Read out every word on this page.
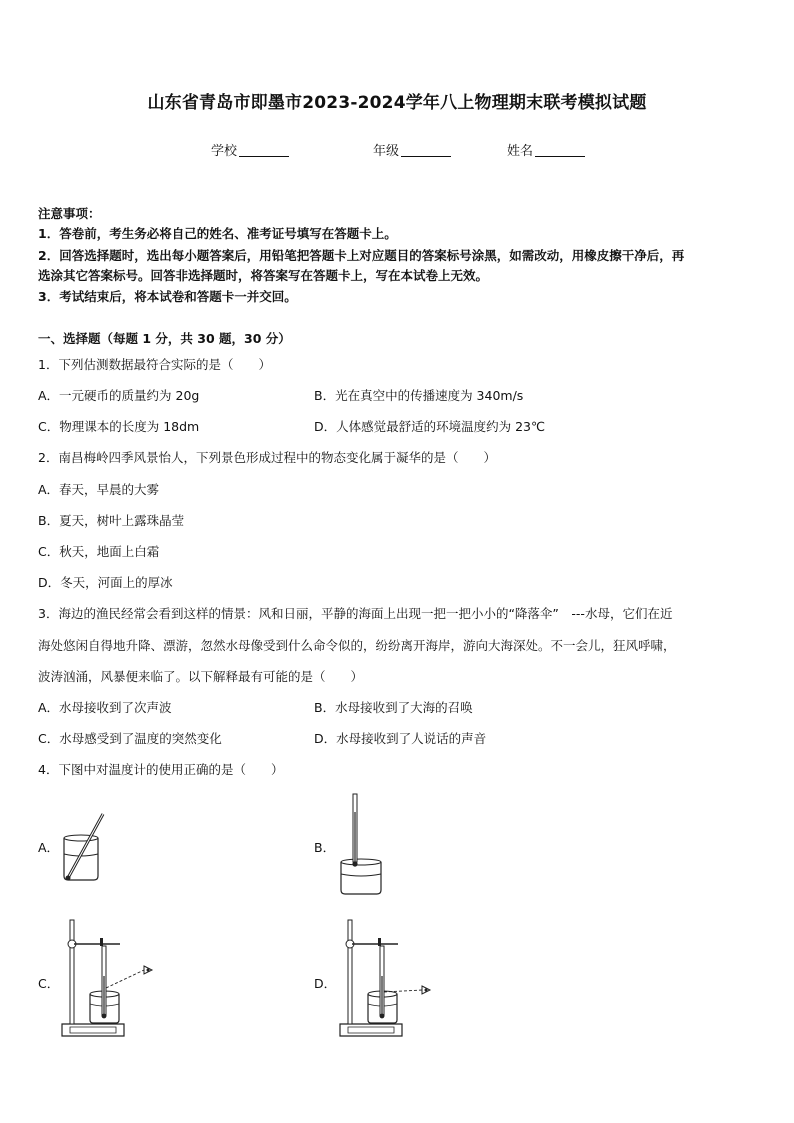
山东省青岛市即墨市2023-2024学年八上物理期末联考模拟试题
学校	年级	姓名
注意事项：
1．答卷前，考生务必将自己的姓名、准考证号填写在答题卡上。
2．回答选择题时，选出每小题答案后，用铅笔把答题卡上对应题目的答案标号涂黑，如需改动，用橡皮擦干净后，再
选涂其它答案标号。回答非选择题时，将答案写在答题卡上，写在本试卷上无效。
3．考试结束后，将本试卷和答题卡一并交回。
一、选择题（每题 1 分，共 30 题，30 分）
1．下列估测数据最符合实际的是（　　）
A．一元硬币的质量约为 20g	B．光在真空中的传播速度为 340m/s
C．物理课本的长度为 18dm	D．人体感觉最舒适的环境温度约为 23℃
2．南昌梅岭四季风景怡人，下列景色形成过程中的物态变化属于凝华的是（　　）
A．春天，早晨的大雾
B．夏天，树叶上露珠晶莹
C．秋天，地面上白霜
D．冬天，河面上的厚冰
3．海边的渔民经常会看到这样的情景：风和日丽，平静的海面上出现一把一把小小的“降落伞”　---水母，它们在近
海处悠闲自得地升降、漂游，忽然水母像受到什么命令似的，纷纷离开海岸，游向大海深处。不一会儿，狂风呼啸，
波涛汹涌，风暴便来临了。以下解释最有可能的是（　　）
A．水母接收到了次声波	B．水母接收到了大海的召唤
C．水母感受到了温度的突然变化	D．水母接收到了人说话的声音
4．下图中对温度计的使用正确的是（　　）
A．	B．
C．	D．
